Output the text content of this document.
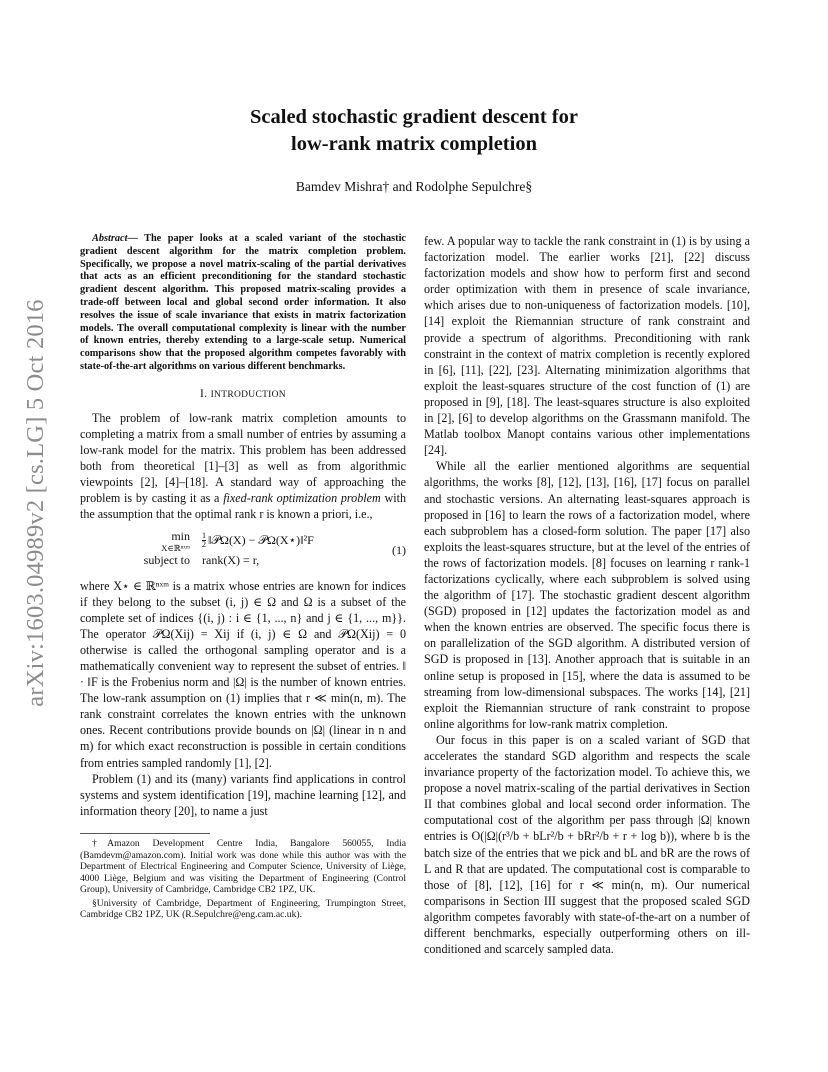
arXiv:1603.04989v2 [cs.LG] 5 Oct 2016
Scaled stochastic gradient descent for
low-rank matrix completion
Bamdev Mishra† and Rodolphe Sepulchre§

Abstract— The paper looks at a scaled variant of the stochastic gradient descent algorithm for the matrix completion problem. Specifically, we propose a novel matrix-scaling of the partial derivatives that acts as an efficient preconditioning for the standard stochastic gradient descent algorithm. This proposed matrix-scaling provides a trade-off between local and global second order information. It also resolves the issue of scale invariance that exists in matrix factorization models. The overall computational complexity is linear with the number of known entries, thereby extending to a large-scale setup. Numerical comparisons show that the proposed algorithm competes favorably with state-of-the-art algorithms on various different benchmarks.

I. INTRODUCTION

The problem of low-rank matrix completion amounts to completing a matrix from a small number of entries by assuming a low-rank model for the matrix. This problem has been addressed both from theoretical [1]–[3] as well as from algorithmic viewpoints [2], [4]–[18]. A standard way of approaching the problem is by casting it as a fixed-rank optimization problem with the assumption that the optimal rank r is known a priori, i.e.,

min
X∈ℝⁿˣᵐ $\frac{1}{2}$ ‖𝒫Ω(X) − 𝒫Ω(X⋆)‖²F
subject to	rank(X) = r,
(1)

where X⋆ ∈ ℝⁿˣᵐ is a matrix whose entries are known for indices if they belong to the subset (i, j) ∈ Ω and Ω is a subset of the complete set of indices {(i, j) : i ∈ {1, ..., n} and j ∈ {1, ..., m}}. The operator 𝒫Ω(Xij) = Xij if (i, j) ∈ Ω and 𝒫Ω(Xij) = 0 otherwise is called the orthogonal sampling operator and is a mathematically convenient way to represent the subset of entries. ‖ · ‖F is the Frobenius norm and |Ω| is the number of known entries. The low-rank assumption on (1) implies that r ≪ min(n, m). The rank constraint correlates the known entries with the unknown ones. Recent contributions provide bounds on |Ω| (linear in n and m) for which exact reconstruction is possible in certain conditions from entries sampled randomly [1], [2].

Problem (1) and its (many) variants find applications in control systems and system identification [19], machine learning [12], and information theory [20], to name a just

†Amazon Development Centre India, Bangalore 560055, India (Bamdevm@amazon.com). Initial work was done while this author was with the Department of Electrical Engineering and Computer Science, University of Liège, 4000 Liège, Belgium and was visiting the Department of Engineering (Control Group), University of Cambridge, Cambridge CB2 1PZ, UK.

§University of Cambridge, Department of Engineering, Trumpington Street, Cambridge CB2 1PZ, UK (R.Sepulchre@eng.cam.ac.uk).

few. A popular way to tackle the rank constraint in (1) is by using a factorization model. The earlier works [21], [22] discuss factorization models and show how to perform first and second order optimization with them in presence of scale invariance, which arises due to non-uniqueness of factorization models. [10], [14] exploit the Riemannian structure of rank constraint and provide a spectrum of algorithms. Preconditioning with rank constraint in the context of matrix completion is recently explored in [6], [11], [22], [23]. Alternating minimization algorithms that exploit the least-squares structure of the cost function of (1) are proposed in [9], [18]. The least-squares structure is also exploited in [2], [6] to develop algorithms on the Grassmann manifold. The Matlab toolbox Manopt contains various other implementations [24].

While all the earlier mentioned algorithms are sequential algorithms, the works [8], [12], [13], [16], [17] focus on parallel and stochastic versions. An alternating least-squares approach is proposed in [16] to learn the rows of a factorization model, where each subproblem has a closed-form solution. The paper [17] also exploits the least-squares structure, but at the level of the entries of the rows of factorization models. [8] focuses on learning r rank-1 factorizations cyclically, where each subproblem is solved using the algorithm of [17]. The stochastic gradient descent algorithm (SGD) proposed in [12] updates the factorization model as and when the known entries are observed. The specific focus there is on parallelization of the SGD algorithm. A distributed version of SGD is proposed in [13]. Another approach that is suitable in an online setup is proposed in [15], where the data is assumed to be streaming from low-dimensional subspaces. The works [14], [21] exploit the Riemannian structure of rank constraint to propose online algorithms for low-rank matrix completion.

Our focus in this paper is on a scaled variant of SGD that accelerates the standard SGD algorithm and respects the scale invariance property of the factorization model. To achieve this, we propose a novel matrix-scaling of the partial derivatives in Section II that combines global and local second order information. The computational cost of the algorithm per pass through |Ω| known entries is O(|Ω|(r³/b + bLr²/b + bRr²/b + r + log b)), where b is the batch size of the entries that we pick and bL and bR are the rows of L and R that are updated. The computational cost is comparable to those of [8], [12], [16] for r ≪ min(n, m). Our numerical comparisons in Section III suggest that the proposed scaled SGD algorithm competes favorably with state-of-the-art on a number of different benchmarks, especially outperforming others on ill-conditioned and scarcely sampled data.
